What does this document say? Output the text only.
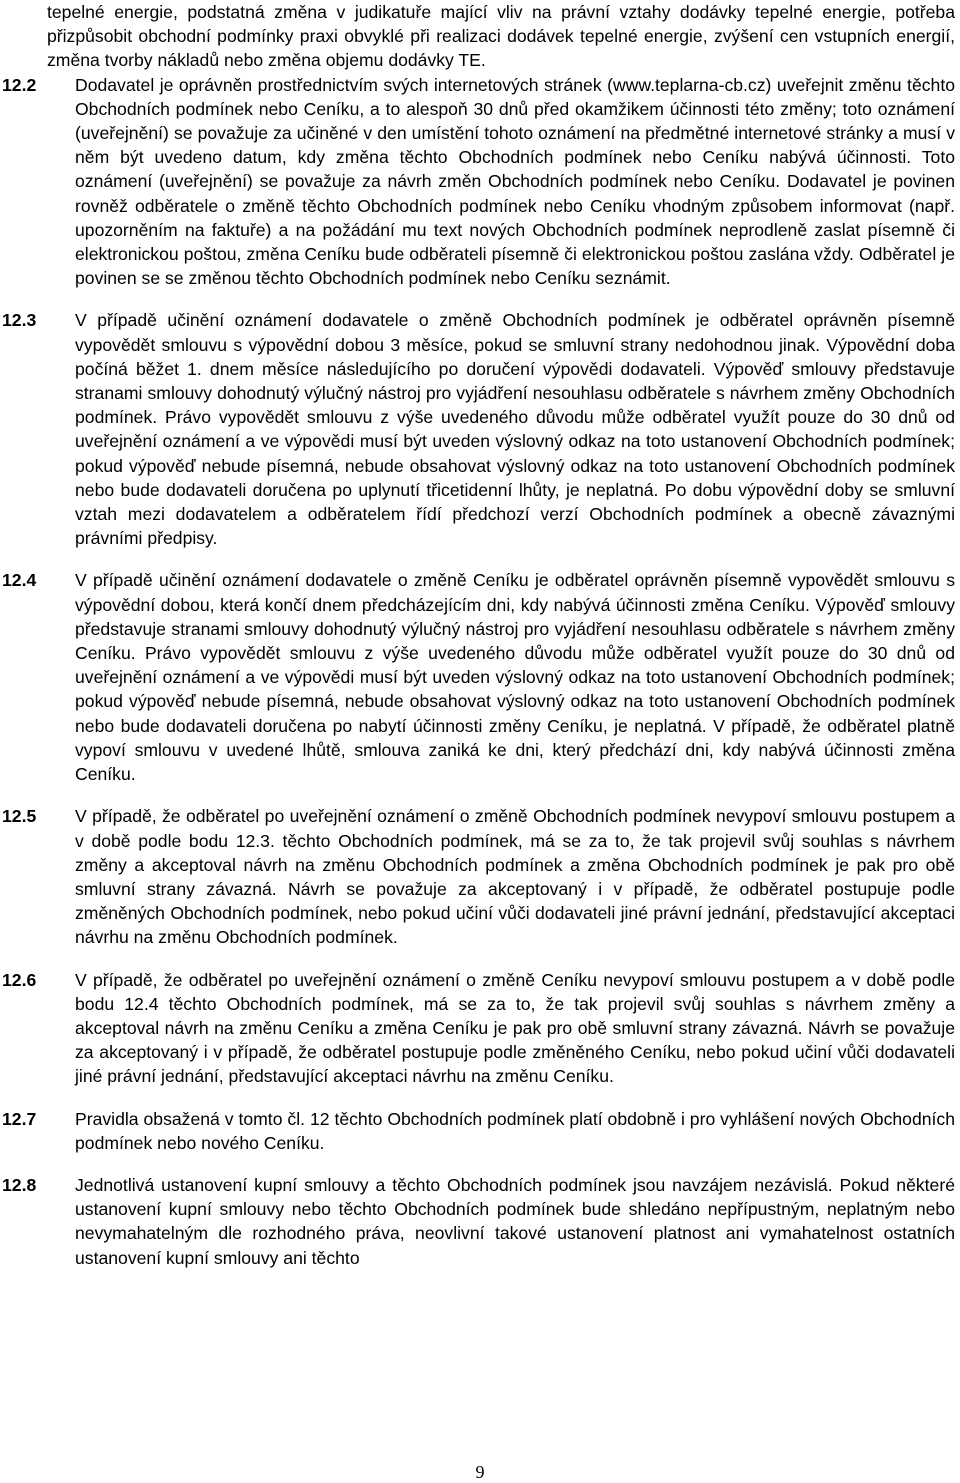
tepelné energie, podstatná změna v judikatuře mající vliv na právní vztahy dodávky tepelné energie, potřeba přizpůsobit obchodní podmínky praxi obvyklé při realizaci dodávek tepelné energie, zvýšení cen vstupních energií, změna tvorby nákladů nebo změna objemu dodávky TE.
12.2	Dodavatel je oprávněn prostřednictvím svých internetových stránek (www.teplarna-cb.cz) uveřejnit změnu těchto Obchodních podmínek nebo Ceníku, a to alespoň 30 dnů před okamžikem účinnosti této změny; toto oznámení (uveřejnění) se považuje za učiněné v den umístění tohoto oznámení na předmětné internetové stránky a musí v něm být uvedeno datum, kdy změna těchto Obchodních podmínek nebo Ceníku nabývá účinnosti. Toto oznámení (uveřejnění) se považuje za návrh změn Obchodních podmínek nebo Ceníku. Dodavatel je povinen rovněž odběratele o změně těchto Obchodních podmínek nebo Ceníku vhodným způsobem informovat (např. upozorněním na faktuře) a na požádání mu text nových Obchodních podmínek neprodleně zaslat písemně či elektronickou poštou, změna Ceníku bude odběrateli písemně či elektronickou poštou zaslána vždy. Odběratel je povinen se se změnou těchto Obchodních podmínek nebo Ceníku seznámit.
12.3	V případě učinění oznámení dodavatele o změně Obchodních podmínek je odběratel oprávněn písemně vypovědět smlouvu s výpovědní dobou 3 měsíce, pokud se smluvní strany nedohodnou jinak. Výpovědní doba počíná běžet 1. dnem měsíce následujícího po doručení výpovědi dodavateli. Výpověď smlouvy představuje stranami smlouvy dohodnutý výlučný nástroj pro vyjádření nesouhlasu odběratele s návrhem změny Obchodních podmínek. Právo vypovědět smlouvu z výše uvedeného důvodu může odběratel využít pouze do 30 dnů od uveřejnění oznámení a ve výpovědi musí být uveden výslovný odkaz na toto ustanovení Obchodních podmínek; pokud výpověď nebude písemná, nebude obsahovat výslovný odkaz na toto ustanovení Obchodních podmínek nebo bude dodavateli doručena po uplynutí třicetidenní lhůty, je neplatná. Po dobu výpovědní doby se smluvní vztah mezi dodavatelem a odběratelem řídí předchozí verzí Obchodních podmínek a obecně závaznými právními předpisy.
12.4	V případě učinění oznámení dodavatele o změně Ceníku je odběratel oprávněn písemně vypovědět smlouvu s výpovědní dobou, která končí dnem předcházejícím dni, kdy nabývá účinnosti změna Ceníku. Výpověď smlouvy představuje stranami smlouvy dohodnutý výlučný nástroj pro vyjádření nesouhlasu odběratele s návrhem změny Ceníku. Právo vypovědět smlouvu z výše uvedeného důvodu může odběratel využít pouze do 30 dnů od uveřejnění oznámení a ve výpovědi musí být uveden výslovný odkaz na toto ustanovení Obchodních podmínek; pokud výpověď nebude písemná, nebude obsahovat výslovný odkaz na toto ustanovení Obchodních podmínek nebo bude dodavateli doručena po nabytí účinnosti změny Ceníku, je neplatná. V případě, že odběratel platně vypoví smlouvu v uvedené lhůtě, smlouva zaniká ke dni, který předchází dni, kdy nabývá účinnosti změna Ceníku.
12.5	V případě, že odběratel po uveřejnění oznámení o změně Obchodních podmínek nevypoví smlouvu postupem a v době podle bodu 12.3. těchto Obchodních podmínek, má se za to, že tak projevil svůj souhlas s návrhem změny a akceptoval návrh na změnu Obchodních podmínek a změna Obchodních podmínek je pak pro obě smluvní strany závazná. Návrh se považuje za akceptovaný i v případě, že odběratel postupuje podle změněných Obchodních podmínek, nebo pokud učiní vůči dodavateli jiné právní jednání, představující akceptaci návrhu na změnu Obchodních podmínek.
12.6	V případě, že odběratel po uveřejnění oznámení o změně Ceníku nevypoví smlouvu postupem a v době podle bodu 12.4 těchto Obchodních podmínek, má se za to, že tak projevil svůj souhlas s návrhem změny a akceptoval návrh na změnu Ceníku a změna Ceníku je pak pro obě smluvní strany závazná. Návrh se považuje za akceptovaný i v případě, že odběratel postupuje podle změněného Ceníku, nebo pokud učiní vůči dodavateli jiné právní jednání, představující akceptaci návrhu na změnu Ceníku.
12.7	Pravidla obsažená v tomto čl. 12 těchto Obchodních podmínek platí obdobně i pro vyhlášení nových Obchodních podmínek nebo nového Ceníku.
12.8	Jednotlivá ustanovení kupní smlouvy a těchto Obchodních podmínek jsou navzájem nezávislá. Pokud některé ustanovení kupní smlouvy nebo těchto Obchodních podmínek bude shledáno nepřípustným, neplatným nebo nevymahatelným dle rozhodného práva, neovlivní takové ustanovení platnost ani vymahatelnost ostatních ustanovení kupní smlouvy ani těchto
9
